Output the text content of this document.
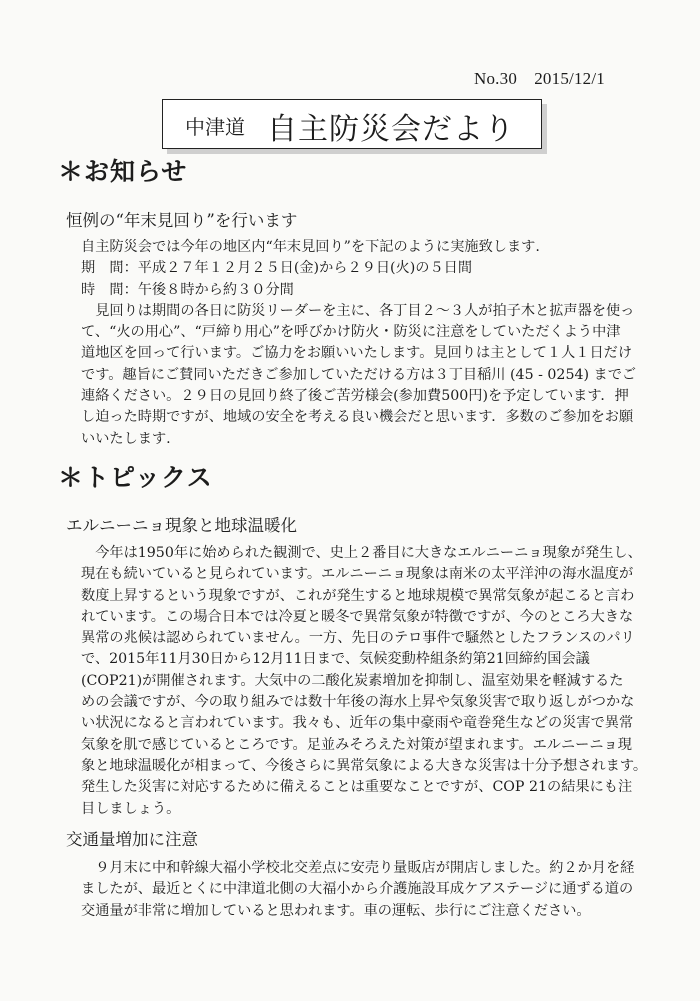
No.30　2015/12/1
中津道 自主防災会だより
＊お知らせ
恒例の“年末見回り”を行います
自主防災会では今年の地区内“年末見回り”を下記のように実施致します.
期　間：平成２７年１２月２５日(金)から２９日(火)の５日間
時　間：午後８時から約３０分間
　見回りは期間の各日に防災リーダーを主に、各丁目２～３人が拍子木と拡声器を使っ
て、“火の用心”、“戸締り用心”を呼びかけ防火・防災に注意をしていただくよう中津
道地区を回って行います。ご協力をお願いいたします。見回りは主として１人１日だけ
です。趣旨にご賛同いただきご参加していただける方は３丁目稲川 (45 - 0254) までご
連絡ください。２９日の見回り終了後ご苦労様会(参加費500円)を予定しています．押
し迫った時期ですが、地域の安全を考える良い機会だと思います．多数のご参加をお願
いいたします.
＊トピックス
エルニーニョ現象と地球温暖化
　今年は1950年に始められた観測で、史上２番目に大きなエルニーニョ現象が発生し、
現在も続いていると見られています。エルニーニョ現象は南米の太平洋沖の海水温度が
数度上昇するという現象ですが、これが発生すると地球規模で異常気象が起こると言わ
れています。この場合日本では冷夏と暖冬で異常気象が特徴ですが、今のところ大きな
異常の兆候は認められていません。一方、先日のテロ事件で騒然としたフランスのパリ
で、2015年11月30日から12月11日まで、気候変動枠組条約第21回締約国会議
(COP21)が開催されます。大気中の二酸化炭素増加を抑制し、温室効果を軽減するた
めの会議ですが、今の取り組みでは数十年後の海水上昇や気象災害で取り返しがつかな
い状況になると言われています。我々も、近年の集中豪雨や竜巻発生などの災害で異常
気象を肌で感じているところです。足並みそろえた対策が望まれます。エルニーニョ現
象と地球温暖化が相まって、今後さらに異常気象による大きな災害は十分予想されます。
発生した災害に対応するために備えることは重要なことですが、COP 21の結果にも注
目しましょう。
交通量増加に注意
　９月末に中和幹線大福小学校北交差点に安売り量販店が開店しました。約２か月を経
ましたが、最近とくに中津道北側の大福小から介護施設耳成ケアステージに通ずる道の
交通量が非常に増加していると思われます。車の運転、歩行にご注意ください。
